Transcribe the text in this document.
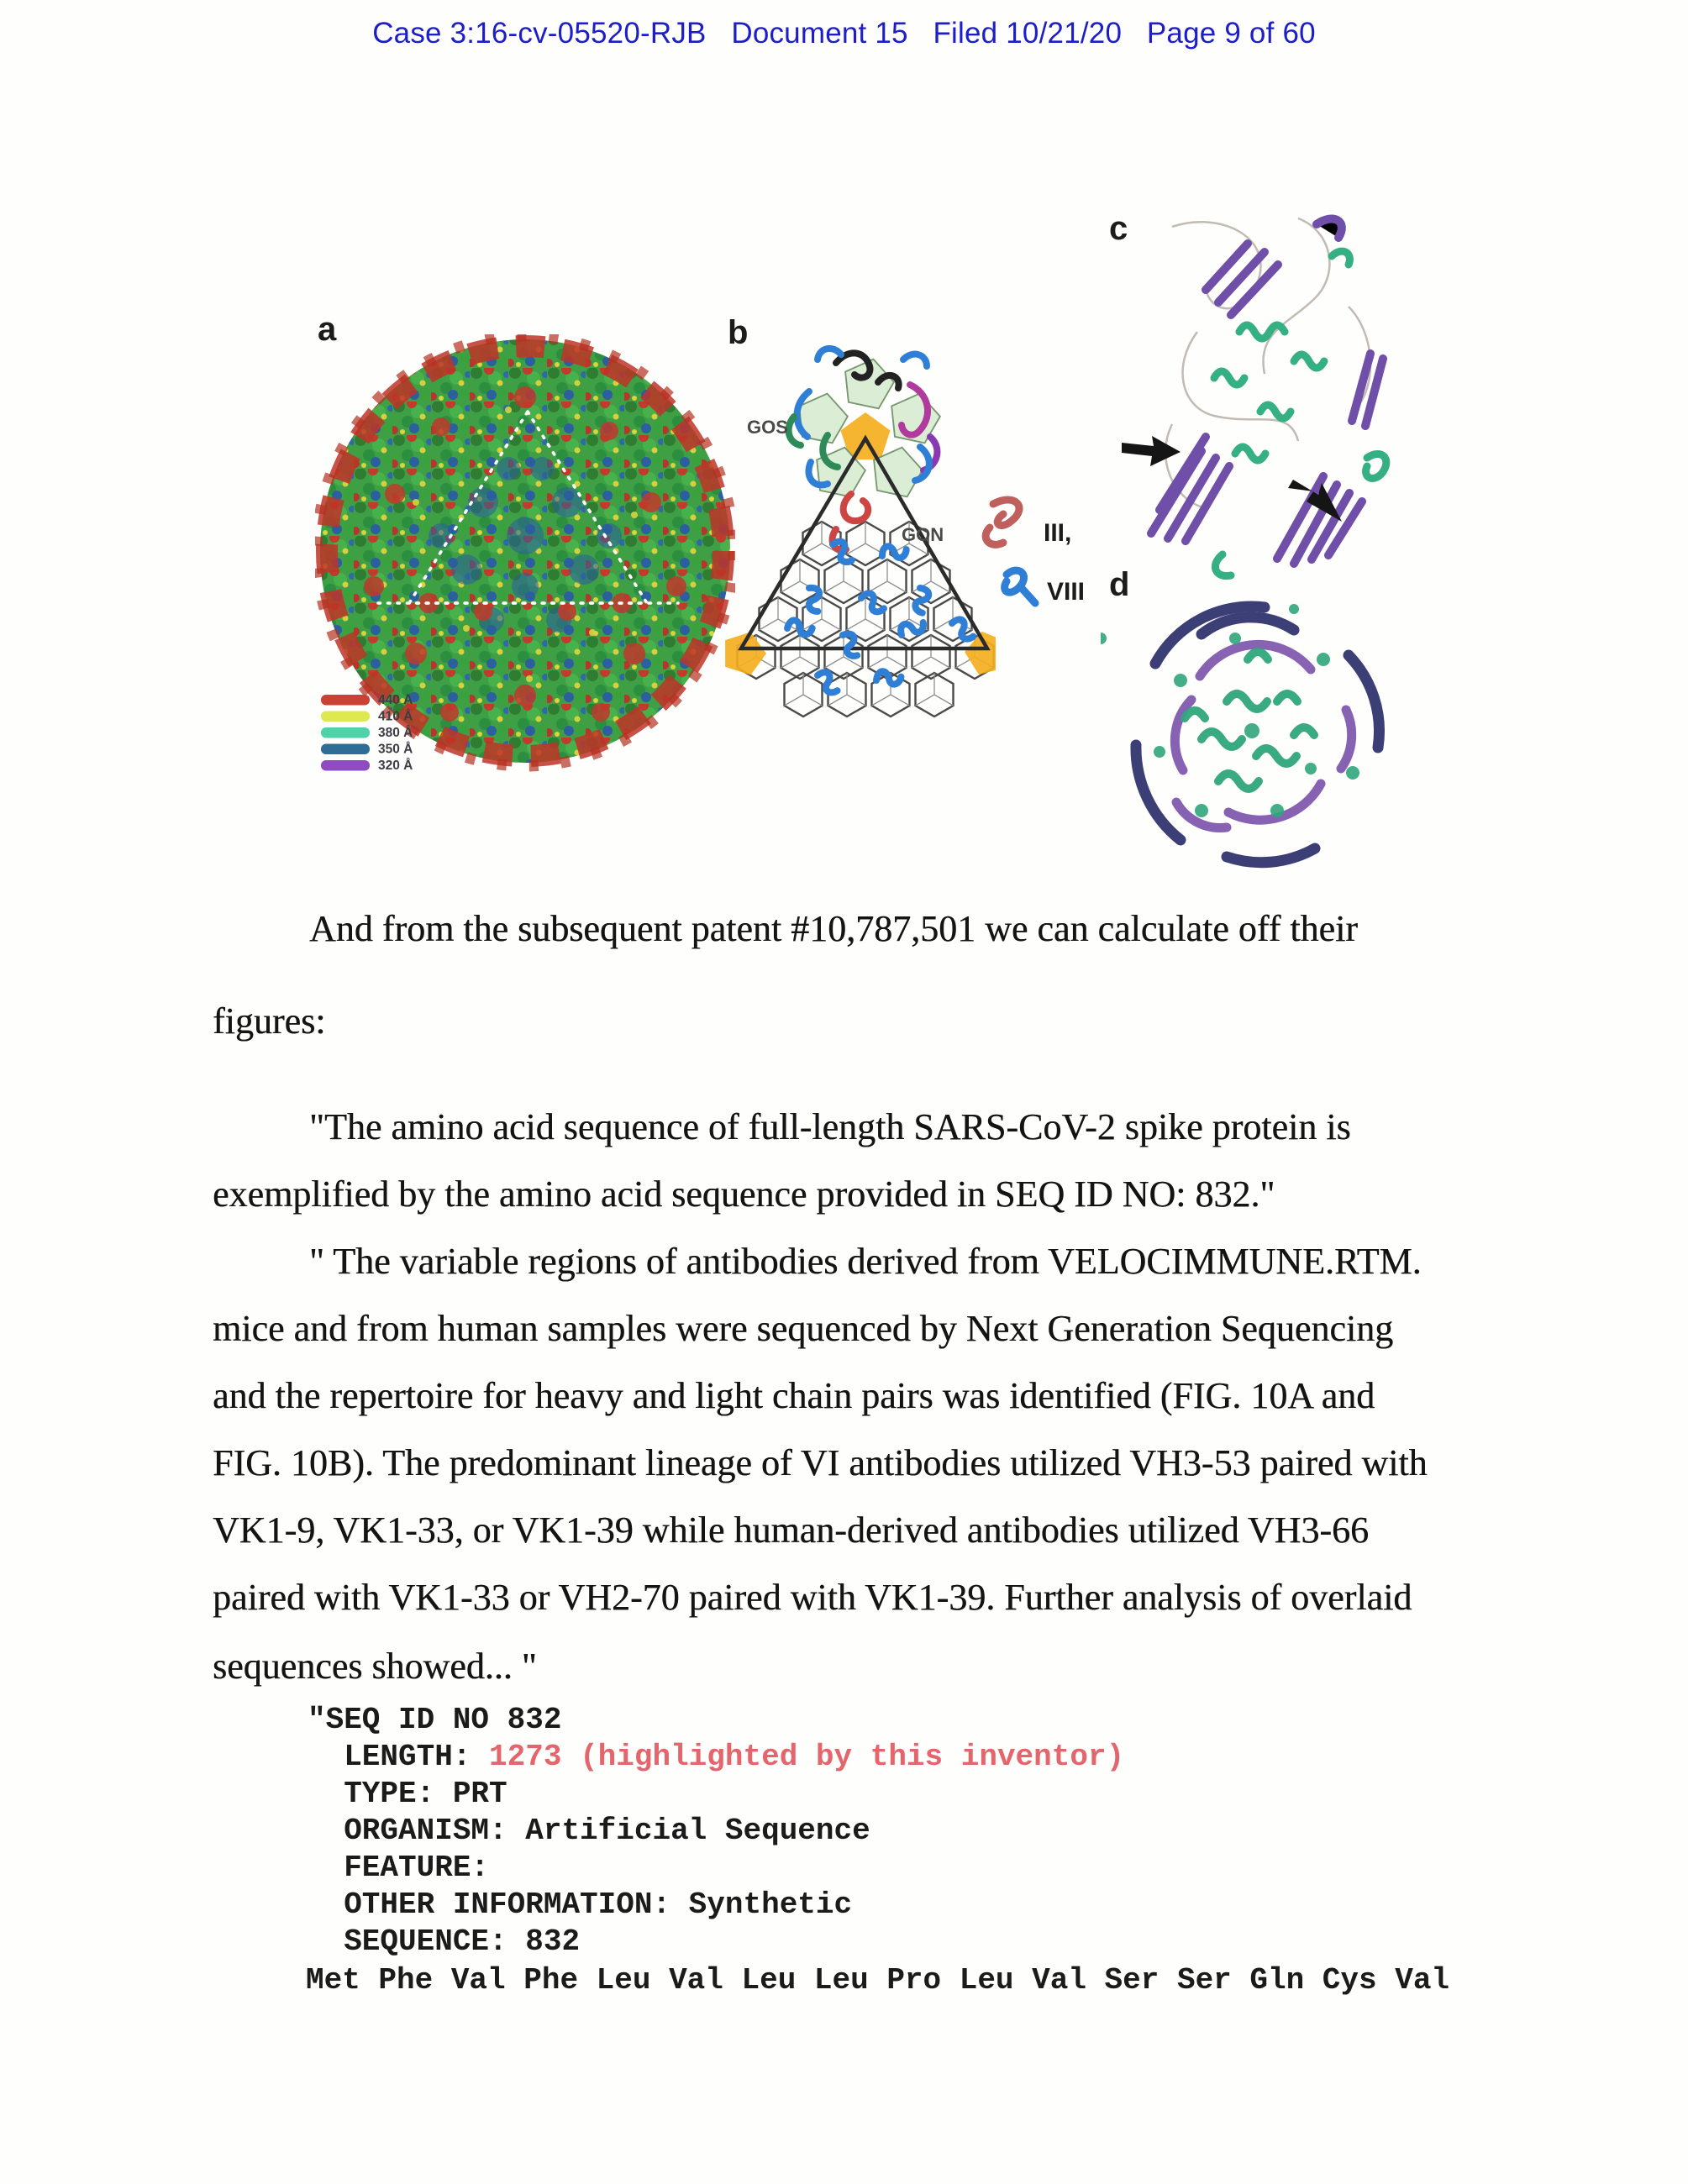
Case 3:16-cv-05520-RJB   Document 15   Filed 10/21/20   Page 9 of 60
a	b
c
d
440 Å
410 Å
380 Å
350 Å
320 Å
GOS
GON	III,
VIII
And from the subsequent patent #10,787,501 we can calculate off their
figures:
"The amino acid sequence of full-length SARS-CoV-2 spike protein is
exemplified by the amino acid sequence provided in SEQ ID NO: 832."
" The variable regions of antibodies derived from VELOCIMMUNE.RTM.
mice and from human samples were sequenced by Next Generation Sequencing
and the repertoire for heavy and light chain pairs was identified (FIG. 10A and
FIG. 10B). The predominant lineage of VI antibodies utilized VH3-53 paired with
VK1-9, VK1-33, or VK1-39 while human-derived antibodies utilized VH3-66
paired with VK1-33 or VH2-70 paired with VK1-39. Further analysis of overlaid
sequences showed... "
"SEQ ID NO 832
LENGTH: 1273 (highlighted by this inventor)
TYPE: PRT
ORGANISM: Artificial Sequence
FEATURE:
OTHER INFORMATION: Synthetic
SEQUENCE: 832
Met Phe Val Phe Leu Val Leu Leu Pro Leu Val Ser Ser Gln Cys Val
